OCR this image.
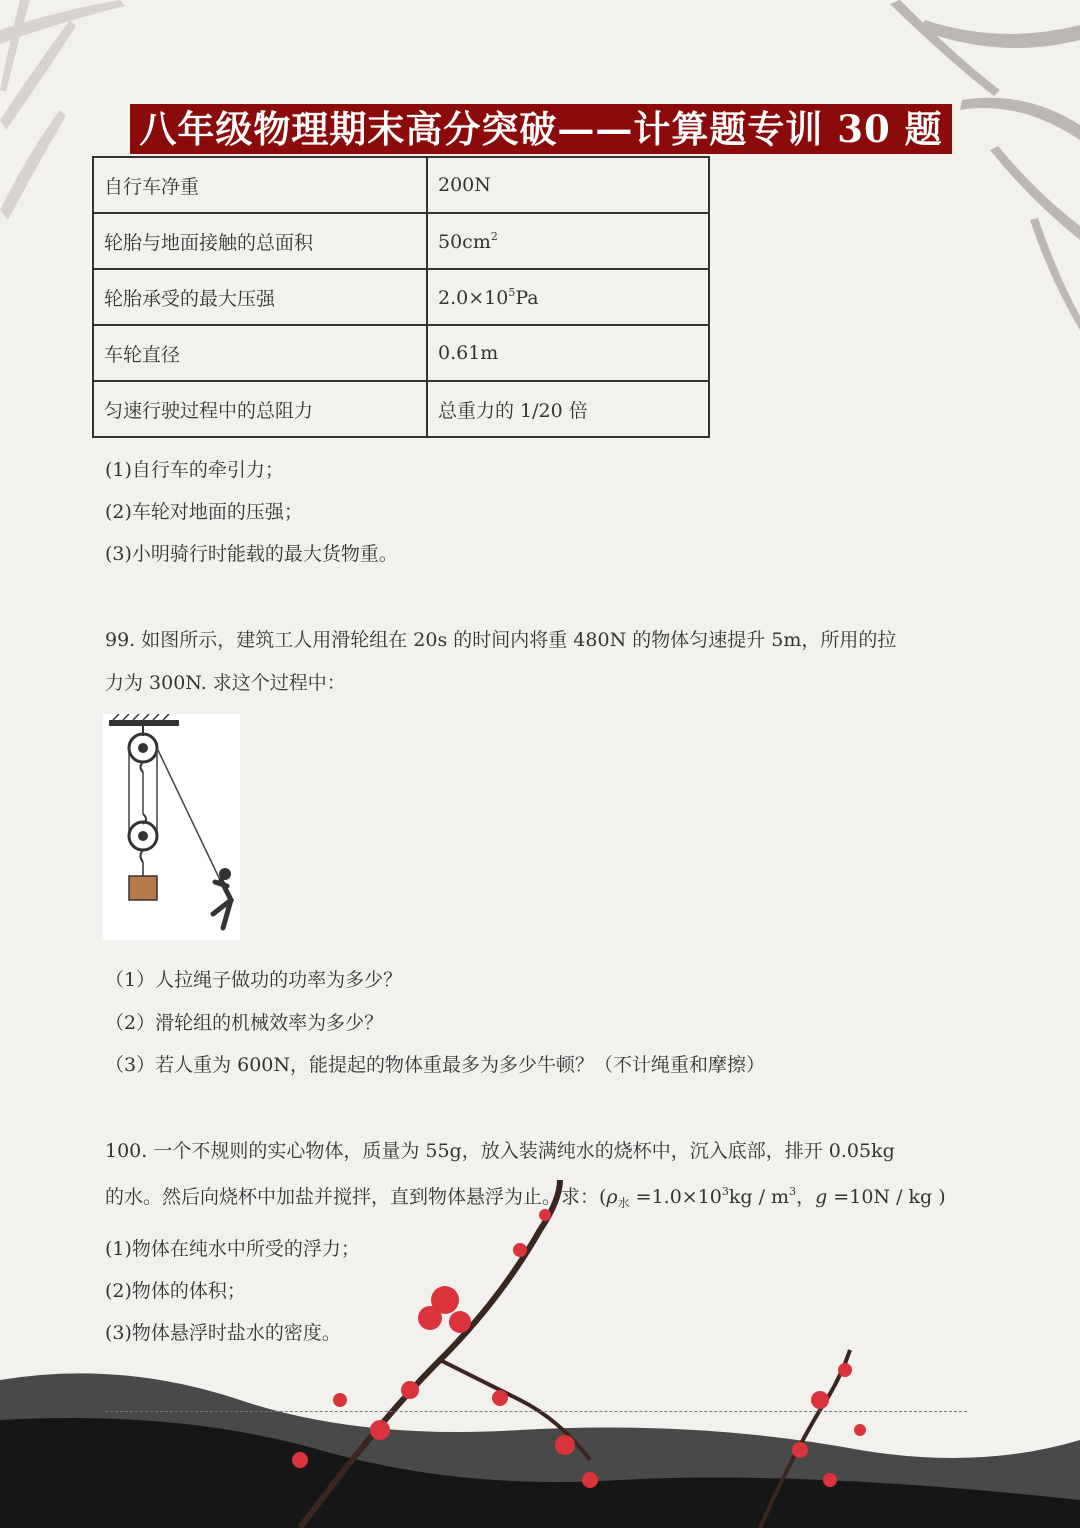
八年级物理期末高分突破——计算题专训 30 题
自行车净重	200N
轮胎与地面接触的总面积	$50cm^2$
轮胎承受的最大压强	$2.0\times 10^5Pa$
车轮直径	0.61m
匀速行驶过程中的总阻力	总重力的 1/20 倍
(1)自行车的牵引力；
(2)车轮对地面的压强；
(3)小明骑行时能载的最大货物重。
99. 如图所示，建筑工人用滑轮组在 20s 的时间内将重 480N 的物体匀速提升 5m，所用的拉
力为 300N. 求这个过程中：
（1）人拉绳子做功的功率为多少？
（2）滑轮组的机械效率为多少？
（3）若人重为 600N，能提起的物体重最多为多少牛顿？（不计绳重和摩擦）
100. 一个不规则的实心物体，质量为 55g，放入装满纯水的烧杯中，沉入底部，排开 0.05kg
的水。然后向烧杯中加盐并搅拌，直到物体悬浮为止。求：($\rho_水 =1.0\times 10^3kg / m^3$，g =10N / kg )
(1)物体在纯水中所受的浮力；
(2)物体的体积；
(3)物体悬浮时盐水的密度。
